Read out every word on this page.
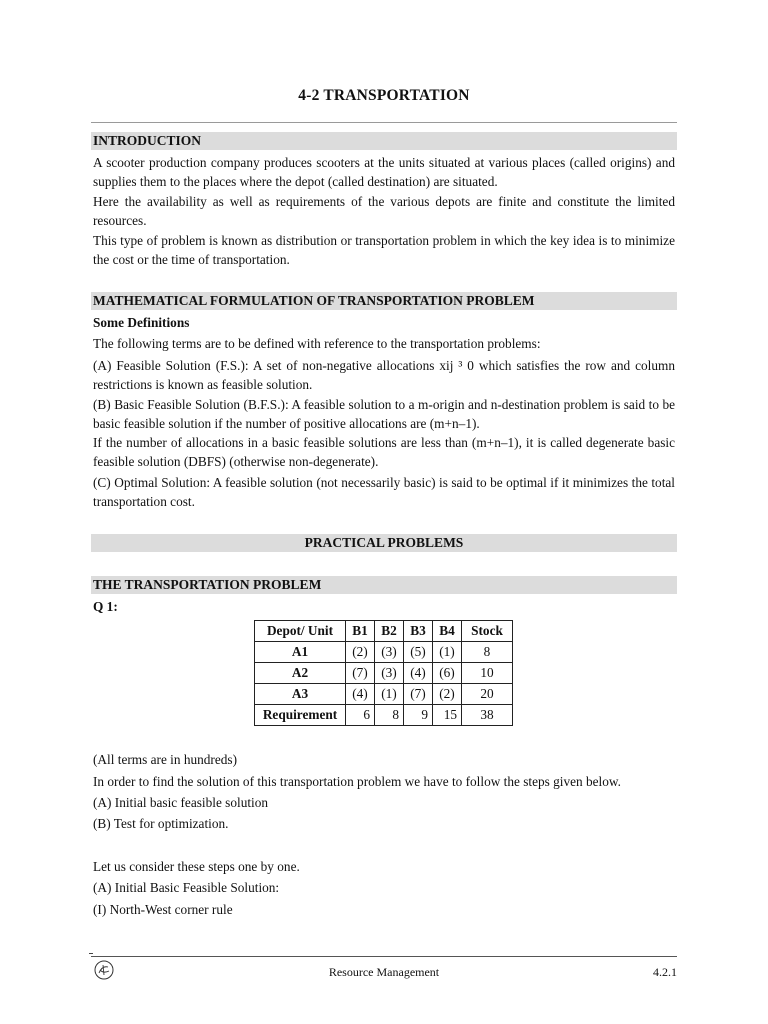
4-2 TRANSPORTATION
INTRODUCTION
A scooter production company produces scooters at the units situated at various places (called origins) and supplies them to the places where the depot (called destination) are situated.
Here the availability as well as requirements of the various depots are finite and constitute the limited resources.
This type of problem is known as distribution or transportation problem in which the key idea is to minimize the cost or the time of transportation.
MATHEMATICAL FORMULATION OF TRANSPORTATION PROBLEM
Some Definitions
The following terms are to be defined with reference to the transportation problems:
(A) Feasible Solution (F.S.): A set of non-negative allocations xij ³ 0 which satisfies the row and column restrictions is known as feasible solution.
(B) Basic Feasible Solution (B.F.S.): A feasible solution to a m-origin and n-destination problem is said to be basic feasible solution if the number of positive allocations are (m+n–1).
If the number of allocations in a basic feasible solutions are less than (m+n–1), it is called degenerate basic feasible solution (DBFS) (otherwise non-degenerate).
(C) Optimal Solution: A feasible solution (not necessarily basic) is said to be optimal if it minimizes the total transportation cost.
PRACTICAL PROBLEMS
THE TRANSPORTATION PROBLEM
Q 1:
Depot/ Unit	B1	B2	B3	B4	Stock
A1	(2)	(3)	(5)	(1)	8
A2	(7)	(3)	(4)	(6)	10
A3	(4)	(1)	(7)	(2)	20
Requirement	6	8	9	15	38
(All terms are in hundreds)
In order to find the solution of this transportation problem we have to follow the steps given below.
(A) Initial basic feasible solution
(B) Test for optimization.
Let us consider these steps one by one.
(A) Initial Basic Feasible Solution:
(I) North-West corner rule
Resource Management	4.2.1
